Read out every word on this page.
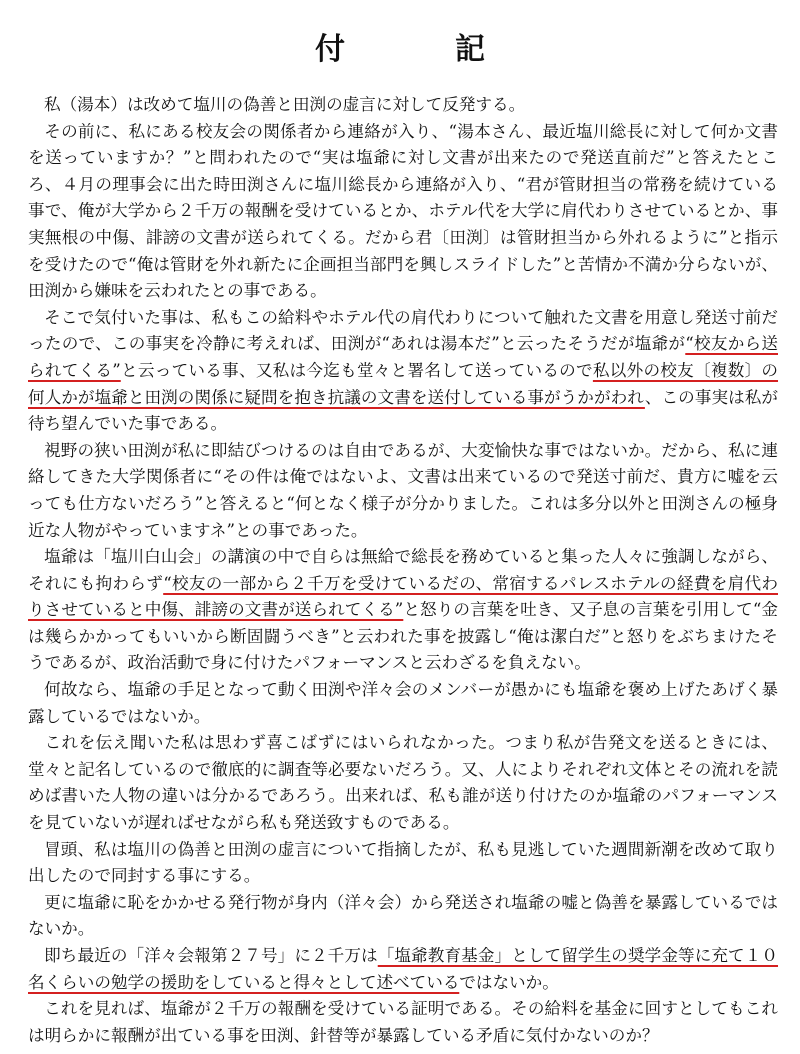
付　記

私（湯本）は改めて塩川の偽善と田渕の虚言に対して反発する。

その前に、私にある校友会の関係者から連絡が入り、“湯本さん、最近塩川総長に対して何か文書を送っていますか？”と問われたので“実は塩爺に対し文書が出来たので発送直前だ”と答えたところ、４月の理事会に出た時田渕さんに塩川総長から連絡が入り、“君が管財担当の常務を続けている事で、俺が大学から２千万の報酬を受けているとか、ホテル代を大学に肩代わりさせているとか、事実無根の中傷、誹謗の文書が送られてくる。だから君〔田渕〕は管財担当から外れるように”と指示を受けたので“俺は管財を外れ新たに企画担当部門を興しスライドした”と苦情か不満か分らないが、田渕から嫌味を云われたとの事である。

そこで気付いた事は、私もこの給料やホテル代の肩代わりについて触れた文書を用意し発送寸前だったので、この事実を冷静に考えれば、田渕が“あれは湯本だ”と云ったそうだが塩爺が“校友から送られてくる”と云っている事、又私は今迄も堂々と署名して送っているので私以外の校友〔複数〕の何人かが塩爺と田渕の関係に疑問を抱き抗議の文書を送付している事がうかがわれ、この事実は私が待ち望んでいた事である。

視野の狭い田渕が私に即結びつけるのは自由であるが、大変愉快な事ではないか。だから、私に連絡してきた大学関係者に“その件は俺ではないよ、文書は出来ているので発送寸前だ、貴方に嘘を云っても仕方ないだろう”と答えると“何となく様子が分かりました。これは多分以外と田渕さんの極身近な人物がやっていますネ”との事であった。

塩爺は「塩川白山会」の講演の中で自らは無給で総長を務めていると集った人々に強調しながら、それにも拘わらず“校友の一部から２千万を受けているだの、常宿するパレスホテルの経費を肩代わりさせていると中傷、誹謗の文書が送られてくる”と怒りの言葉を吐き、又子息の言葉を引用して“金は幾らかかってもいいから断固闘うべき”と云われた事を披露し“俺は潔白だ”と怒りをぶちまけたそうであるが、政治活動で身に付けたパフォーマンスと云わざるを負えない。

何故なら、塩爺の手足となって動く田渕や洋々会のメンバーが愚かにも塩爺を褒め上げたあげく暴露しているではないか。

これを伝え聞いた私は思わず喜こばずにはいられなかった。つまり私が告発文を送るときには、堂々と記名しているので徹底的に調査等必要ないだろう。又、人によりそれぞれ文体とその流れを読めば書いた人物の違いは分かるであろう。出来れば、私も誰が送り付けたのか塩爺のパフォーマンスを見ていないが遅ればせながら私も発送致すものである。

冒頭、私は塩川の偽善と田渕の虚言について指摘したが、私も見逃していた週間新潮を改めて取り出したので同封する事にする。

更に塩爺に恥をかかせる発行物が身内（洋々会）から発送され塩爺の嘘と偽善を暴露しているではないか。

即ち最近の「洋々会報第２７号」に２千万は「塩爺教育基金」として留学生の奨学金等に充て１０名くらいの勉学の援助をしていると得々として述べているではないか。

これを見れば、塩爺が２千万の報酬を受けている証明である。その給料を基金に回すとしてもこれは明らかに報酬が出ている事を田渕、針替等が暴露している矛盾に気付かないのか？
